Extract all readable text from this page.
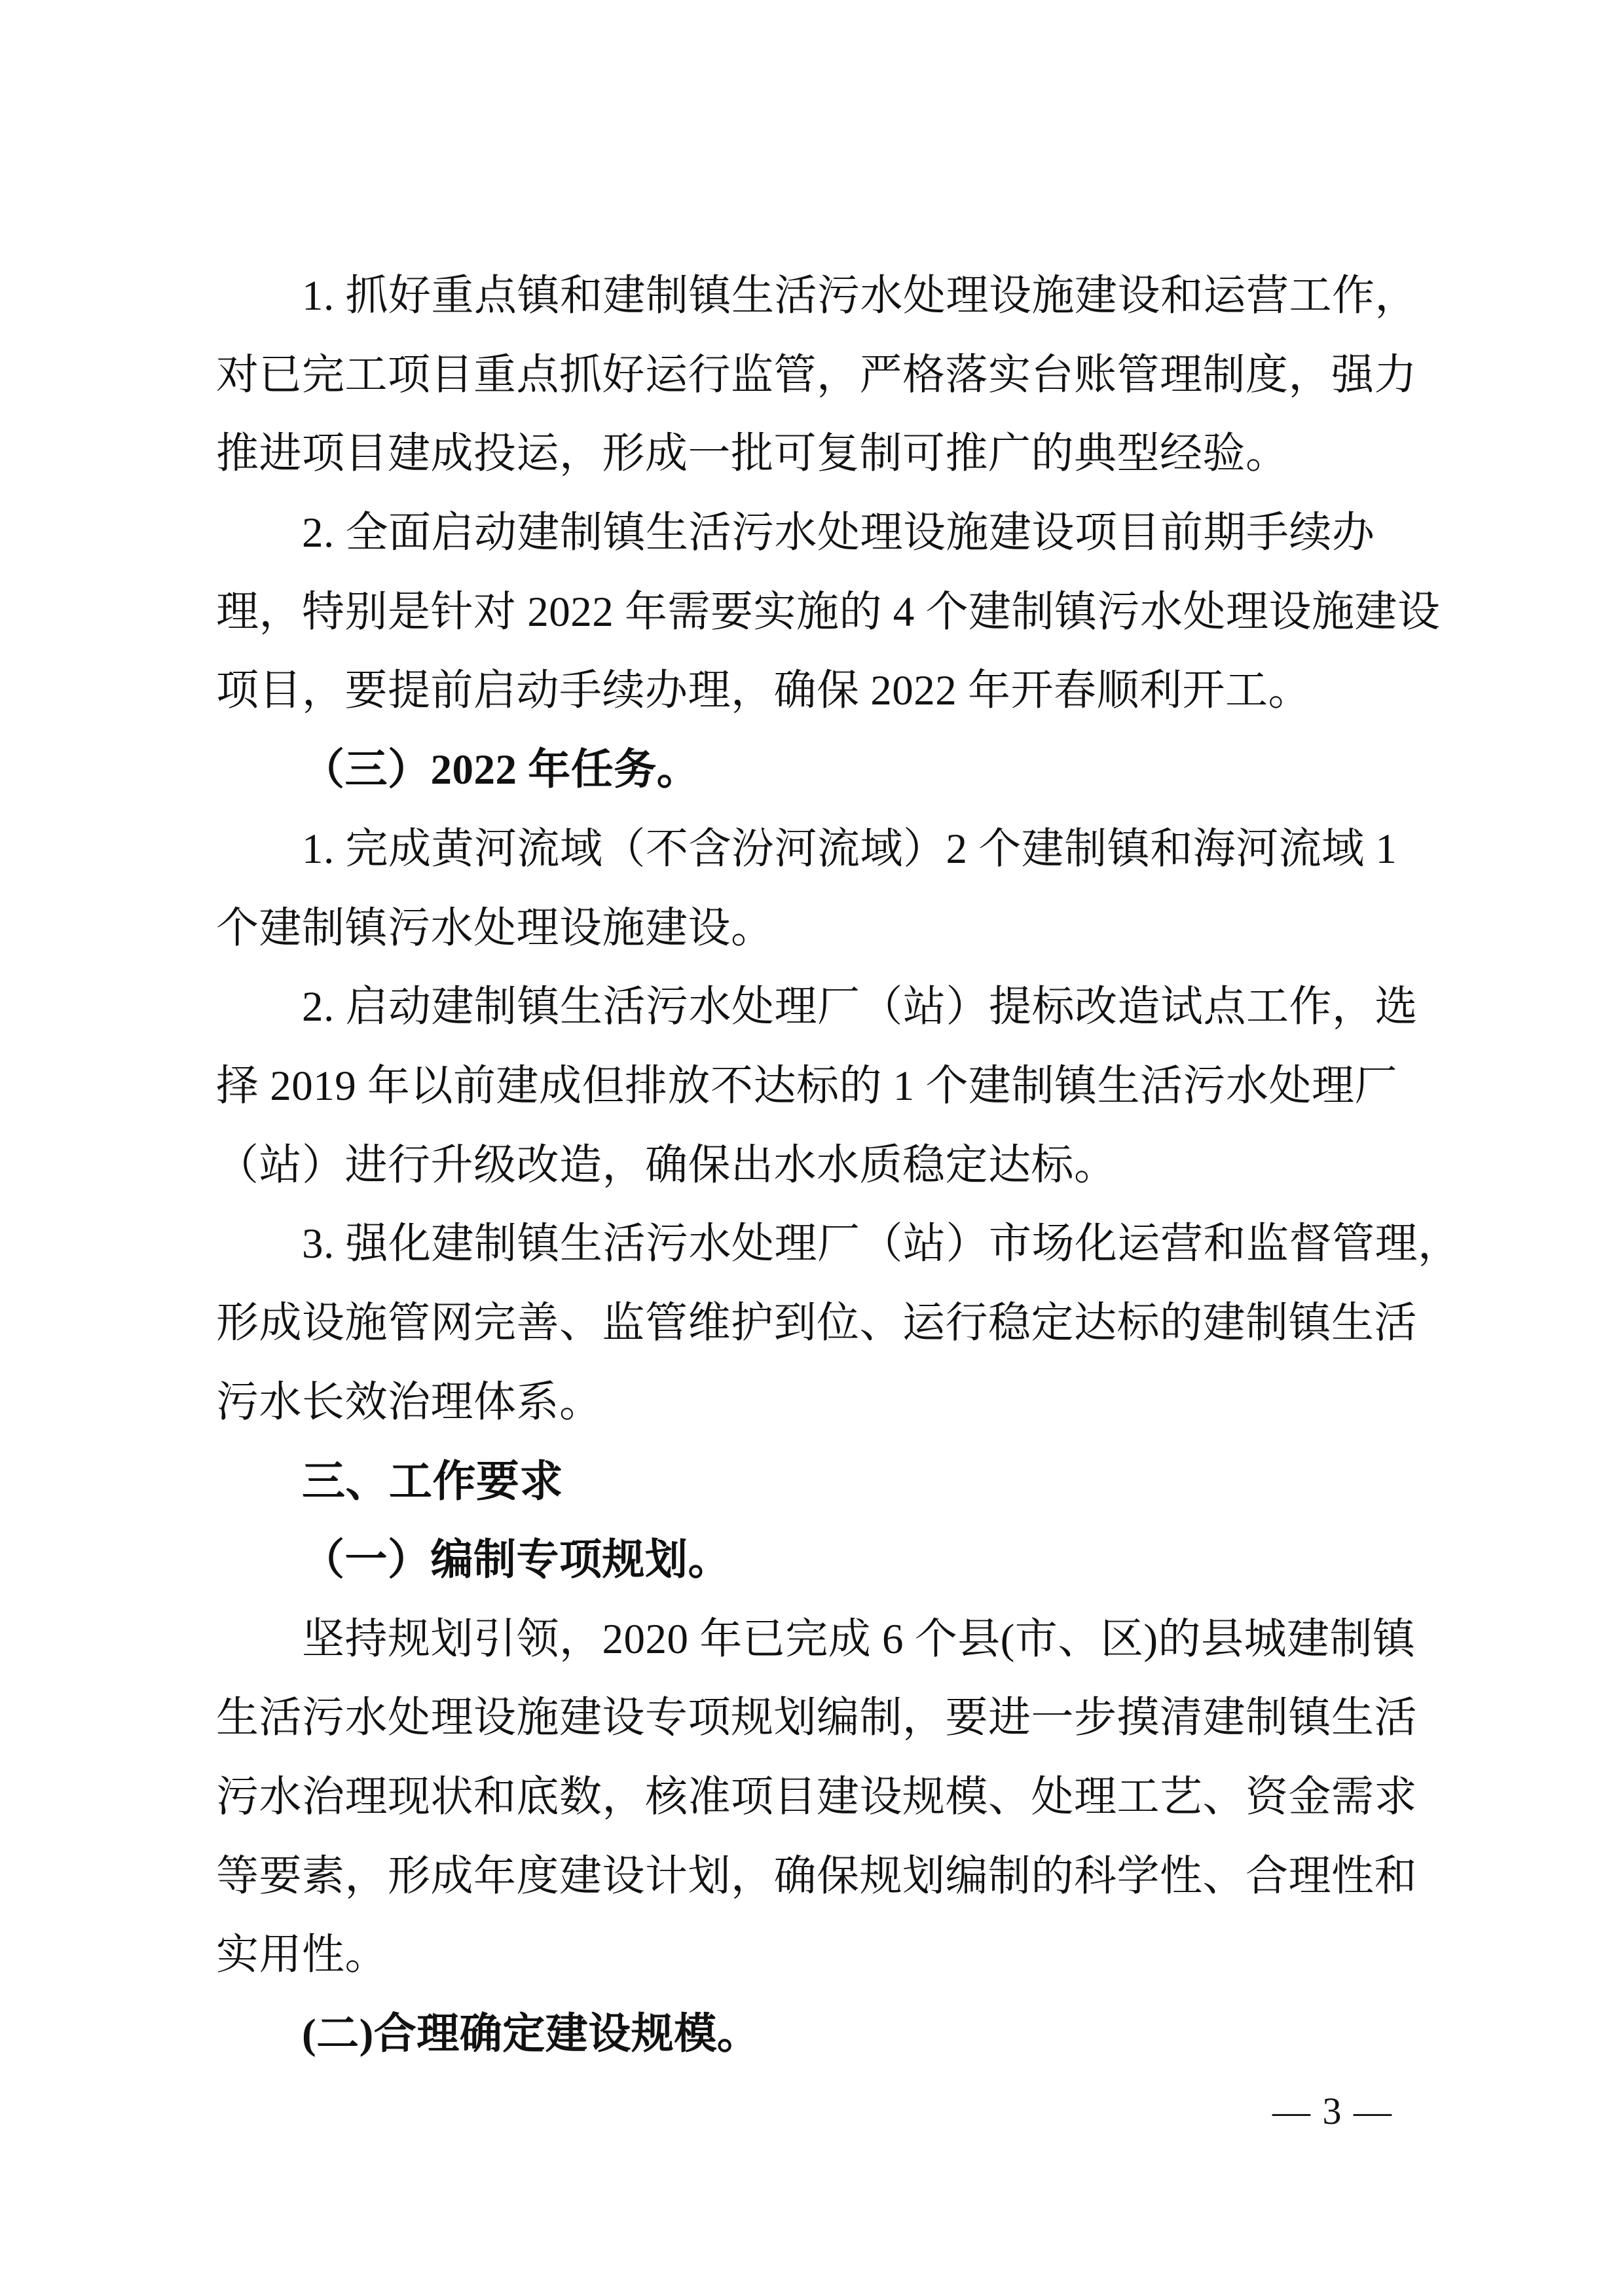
1. 抓好重点镇和建制镇生活污水处理设施建设和运营工作，
对已完工项目重点抓好运行监管，严格落实台账管理制度，强力
推进项目建成投运，形成一批可复制可推广的典型经验。
2. 全面启动建制镇生活污水处理设施建设项目前期手续办
理，特别是针对 2022 年需要实施的 4 个建制镇污水处理设施建设
项目，要提前启动手续办理，确保 2022 年开春顺利开工。
（三）2022 年任务。
1. 完成黄河流域（不含汾河流域）2 个建制镇和海河流域 1
个建制镇污水处理设施建设。
2. 启动建制镇生活污水处理厂（站）提标改造试点工作，选
择 2019 年以前建成但排放不达标的 1 个建制镇生活污水处理厂
（站）进行升级改造，确保出水水质稳定达标。
3. 强化建制镇生活污水处理厂（站）市场化运营和监督管理，
形成设施管网完善、监管维护到位、运行稳定达标的建制镇生活
污水长效治理体系。
三、工作要求
（一）编制专项规划。
坚持规划引领，2020 年已完成 6 个县(市、区)的县城建制镇
生活污水处理设施建设专项规划编制，要进一步摸清建制镇生活
污水治理现状和底数，核准项目建设规模、处理工艺、资金需求
等要素，形成年度建设计划，确保规划编制的科学性、合理性和
实用性。
(二)合理确定建设规模。
— 3 —
